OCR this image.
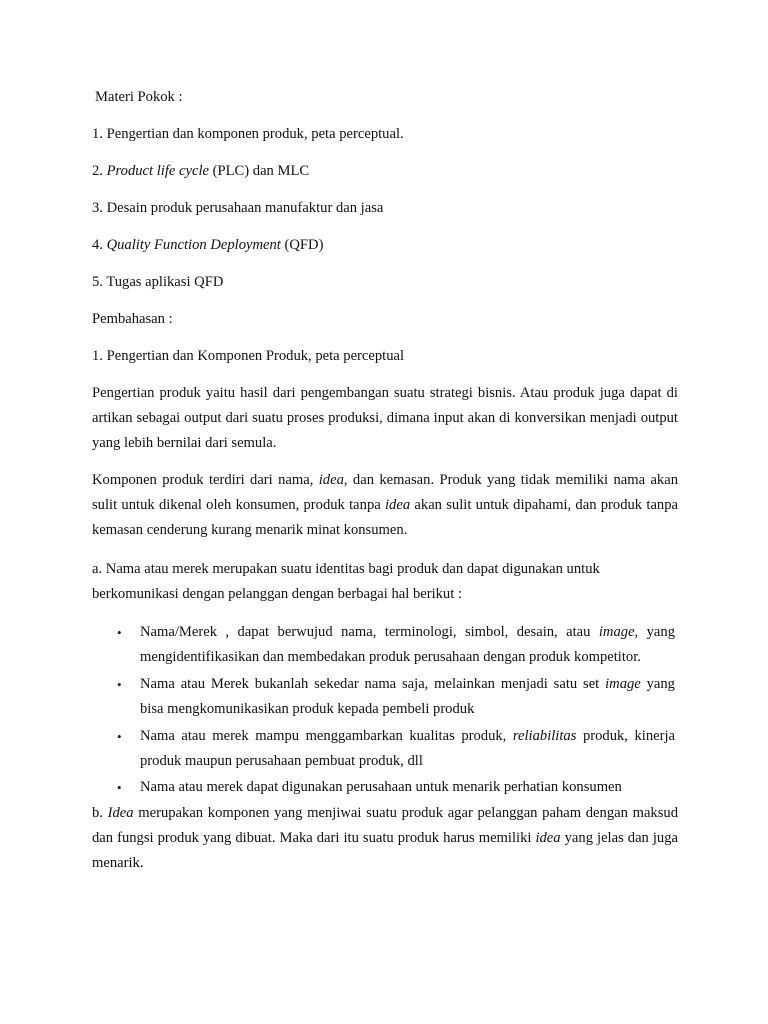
Materi Pokok :
1. Pengertian dan komponen produk, peta perceptual.
2. Product life cycle (PLC) dan MLC
3. Desain produk perusahaan manufaktur dan jasa
4. Quality Function Deployment (QFD)
5. Tugas aplikasi QFD
Pembahasan :
1. Pengertian dan Komponen Produk, peta perceptual

Pengertian produk yaitu hasil dari pengembangan suatu strategi bisnis. Atau produk juga dapat di artikan sebagai output dari suatu proses produksi, dimana input akan di konversikan menjadi output yang lebih bernilai dari semula.

Komponen produk terdiri dari nama, idea, dan kemasan. Produk yang tidak memiliki nama akan sulit untuk dikenal oleh konsumen, produk tanpa idea akan sulit untuk dipahami, dan produk tanpa kemasan cenderung kurang menarik minat konsumen.

a. Nama atau merek merupakan suatu identitas bagi produk dan dapat digunakan untuk berkomunikasi dengan pelanggan dengan berbagai hal berikut :

• Nama/Merek , dapat berwujud nama, terminologi, simbol, desain, atau image, yang mengidentifikasikan dan membedakan produk perusahaan dengan produk kompetitor.

• Nama atau Merek bukanlah sekedar nama saja, melainkan menjadi satu set image yang bisa mengkomunikasikan produk kepada pembeli produk

• Nama atau merek mampu menggambarkan kualitas produk, reliabilitas produk, kinerja produk maupun perusahaan pembuat produk, dll

• Nama atau merek dapat digunakan perusahaan untuk menarik perhatian konsumen

b. Idea merupakan komponen yang menjiwai suatu produk agar pelanggan paham dengan maksud dan fungsi produk yang dibuat. Maka dari itu suatu produk harus memiliki idea yang jelas dan juga menarik.
